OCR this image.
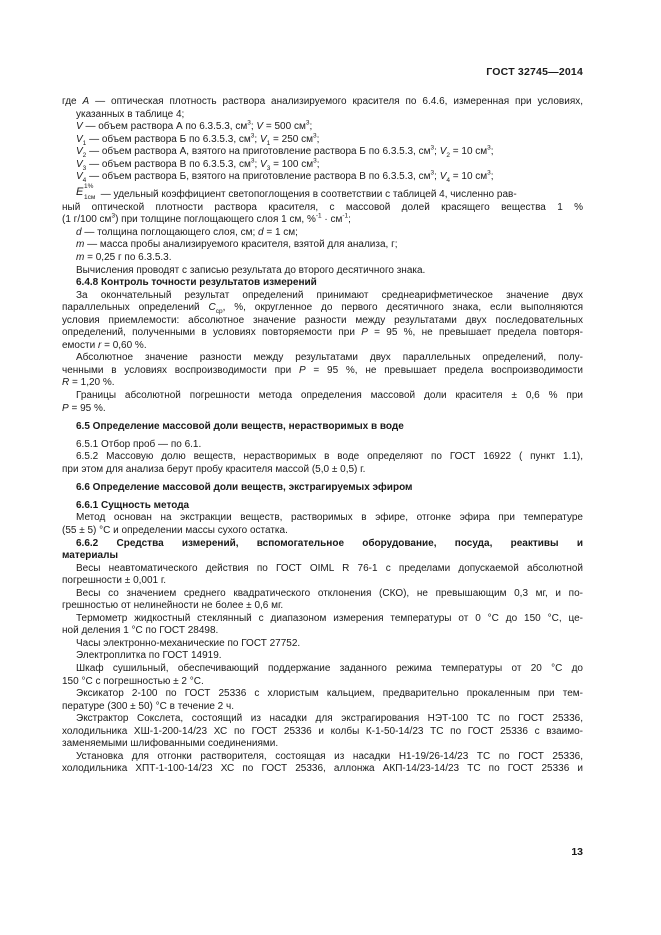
ГОСТ 32745—2014

где A — оптическая плотность раствора анализируемого красителя по 6.4.6, измеренная при условиях, указанных в таблице 4;

V — объем раствора А по 6.3.5.3, $см^3$; V = 500 $см^3$;

$V_1$ — объем раствора Б по 6.3.5.3, $см^3$; $V_1 = 250$ $см^3$;

$V_2$ — объем раствора А, взятого на приготовление раствора Б по 6.3.5.3, $см^3$; $V_2 = 10$ $см^3$;

$V_3$ — объем раствора В по 6.3.5.3, $см^3$; $V_3 = 100$ $см^3$;

$V_4$ — объем раствора Б, взятого на приготовление раствора В по 6.3.5.3, $см^3$; $V_4 = 10$ $см^3$;

E 1%
1см — удельный коэффициент светопоглощения в соответствии с таблицей 4, численно рав-

ный оптической плотности раствора красителя, с массовой долей красящего вещества 1 %

(1 г/100 $см^3$) при толщине поглощающего слоя 1 см, $\%^{-1} \cdot см^{-1}$;

d — толщина поглощающего слоя, см; d = 1 см;

m — масса пробы анализируемого красителя, взятой для анализа, г;

m = 0,25 г по 6.3.5.3.

Вычисления проводят с записью результата до второго десятичного знака.

6.4.8 Контроль точности результатов измерений

За окончательный результат определений принимают среднеарифметическое значение двух

параллельных определений $C_{ср}$, %, округленное до первого десятичного знака, если выполняются

условия приемлемости: абсолютное значение разности между результатами двух последовательных

определений, полученными в условиях повторяемости при P = 95 %, не превышает предела повторя-

емости r = 0,60 %.

Абсолютное значение разности между результатами двух параллельных определений, полу-

ченными в условиях воспроизводимости при P = 95 %, не превышает предела воспроизводимости

R = 1,20 %.

Границы абсолютной погрешности метода определения массовой доли красителя ± 0,6 % при

P = 95 %.

6.5 Определение массовой доли веществ, нерастворимых в воде

6.5.1 Отбор проб — по 6.1.

6.5.2 Массовую долю веществ, нерастворимых в воде определяют по ГОСТ 16922 ( пункт 1.1),

при этом для анализа берут пробу красителя массой (5,0 ± 0,5) г.

6.6 Определение массовой доли веществ, экстрагируемых эфиром

6.6.1 Сущность метода

Метод основан на экстракции веществ, растворимых в эфире, отгонке эфира при температуре

(55 ± 5) °С и определении массы сухого остатка.

6.6.2 Средства измерений, вспомогательное оборудование, посуда, реактивы и

материалы

Весы неавтоматического действия по ГОСТ OIML R 76-1 с пределами допускаемой абсолютной

погрешности ± 0,001 г.

Весы со значением среднего квадратического отклонения (СКО), не превышающим 0,3 мг, и по-

грешностью от нелинейности не более ± 0,6 мг.

Термометр жидкостный стеклянный с диапазоном измерения температуры от 0 °С до 150 °С, це-

ной деления 1 °С по ГОСТ 28498.

Часы электронно-механические по ГОСТ 27752.

Электроплитка по ГОСТ 14919.

Шкаф сушильный, обеспечивающий поддержание заданного режима температуры от 20 °С до

150 °С с погрешностью ± 2 °С.

Эксикатор 2-100 по ГОСТ 25336 с хлористым кальцием, предварительно прокаленным при тем-

пературе (300 ± 50) °С в течение 2 ч.

Экстрактор Сокслета, состоящий из насадки для экстрагирования НЭТ-100 ТС по ГОСТ 25336,

холодильника ХШ-1-200-14/23 ХС по ГОСТ 25336 и колбы К-1-50-14/23 ТС по ГОСТ 25336 с взаимо-

заменяемыми шлифованными соединениями.

Установка для отгонки растворителя, состоящая из насадки Н1-19/26-14/23 ТС по ГОСТ 25336,

холодильника ХПТ-1-100-14/23 ХС по ГОСТ 25336, аллонжа АКП-14/23-14/23 ТС по ГОСТ 25336 и

13
